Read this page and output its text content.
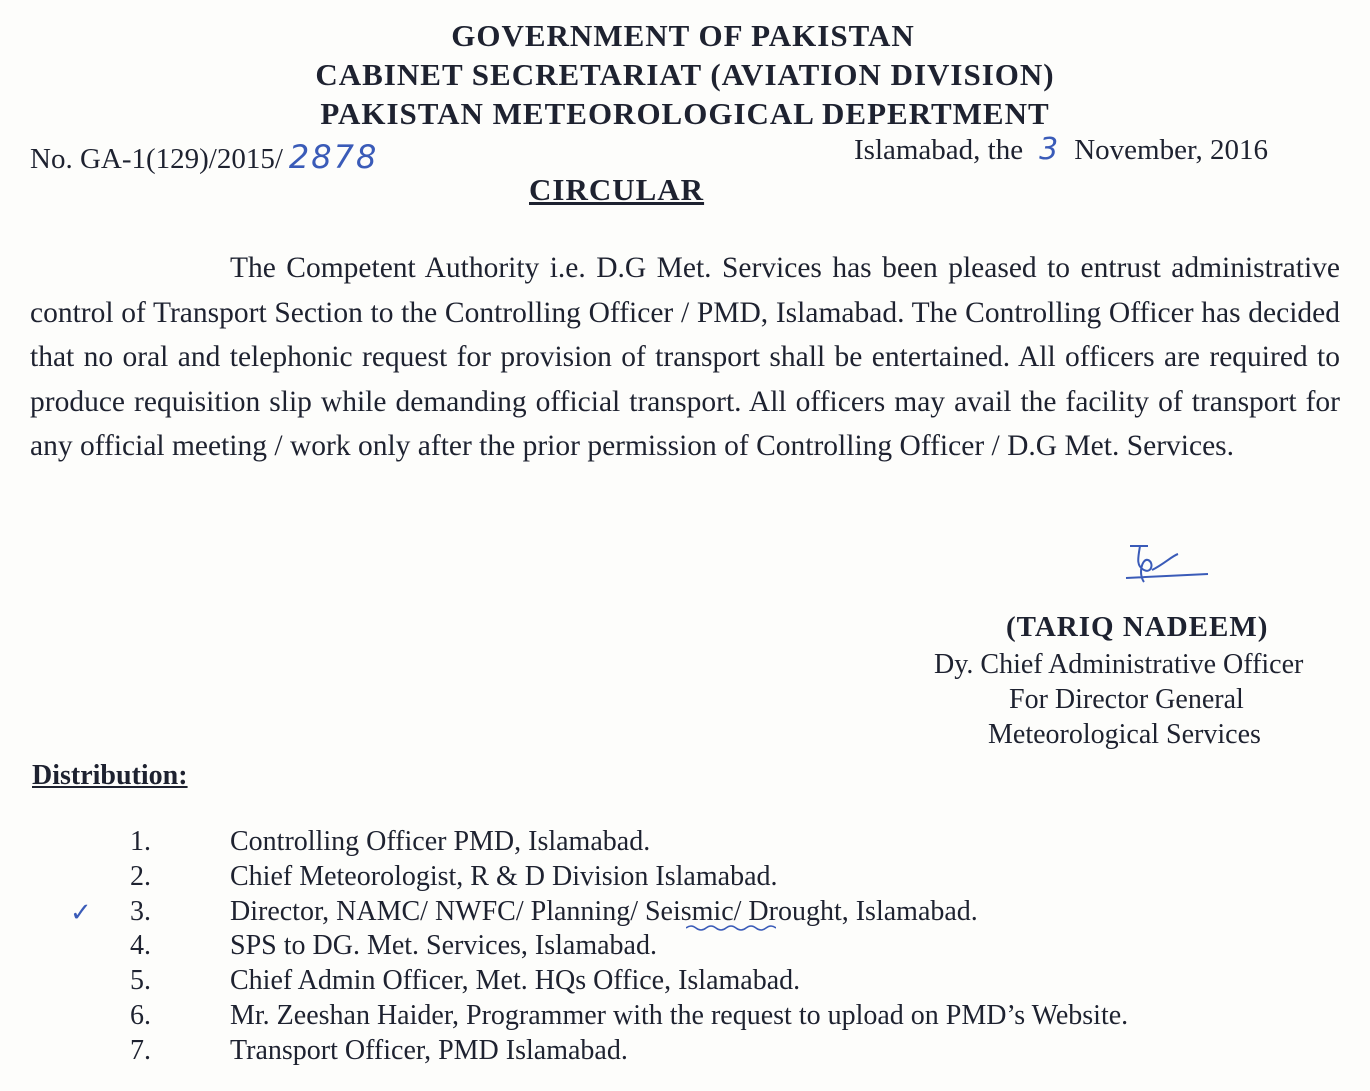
GOVERNMENT OF PAKISTAN
CABINET SECRETARIAT (AVIATION DIVISION)
PAKISTAN METEOROLOGICAL DEPERTMENT
No. GA-1(129)/2015/ 2878	Islamabad, the 3 November, 2016
CIRCULAR
The Competent Authority i.e. D.G Met. Services has been pleased to entrust administrative control of Transport Section to the Controlling Officer / PMD, Islamabad. The Controlling Officer has decided that no oral and telephonic request for provision of transport shall be entertained. All officers are required to produce requisition slip while demanding official transport. All officers may avail the facility of transport for any official meeting / work only after the prior permission of Controlling Officer / D.G Met. Services.
(TARIQ NADEEM)
Dy. Chief Administrative Officer
For Director General
Meteorological Services
Distribution:
✓
1.	Controlling Officer PMD, Islamabad.
2.	Chief Meteorologist, R & D Division Islamabad.
3.	Director, NAMC/ NWFC/ Planning/ Seismic/ Drought, Islamabad.
4.	SPS to DG. Met. Services, Islamabad.
5.	Chief Admin Officer, Met. HQs Office, Islamabad.
6.	Mr. Zeeshan Haider, Programmer with the request to upload on PMD’s Website.
7.	Transport Officer, PMD Islamabad.
